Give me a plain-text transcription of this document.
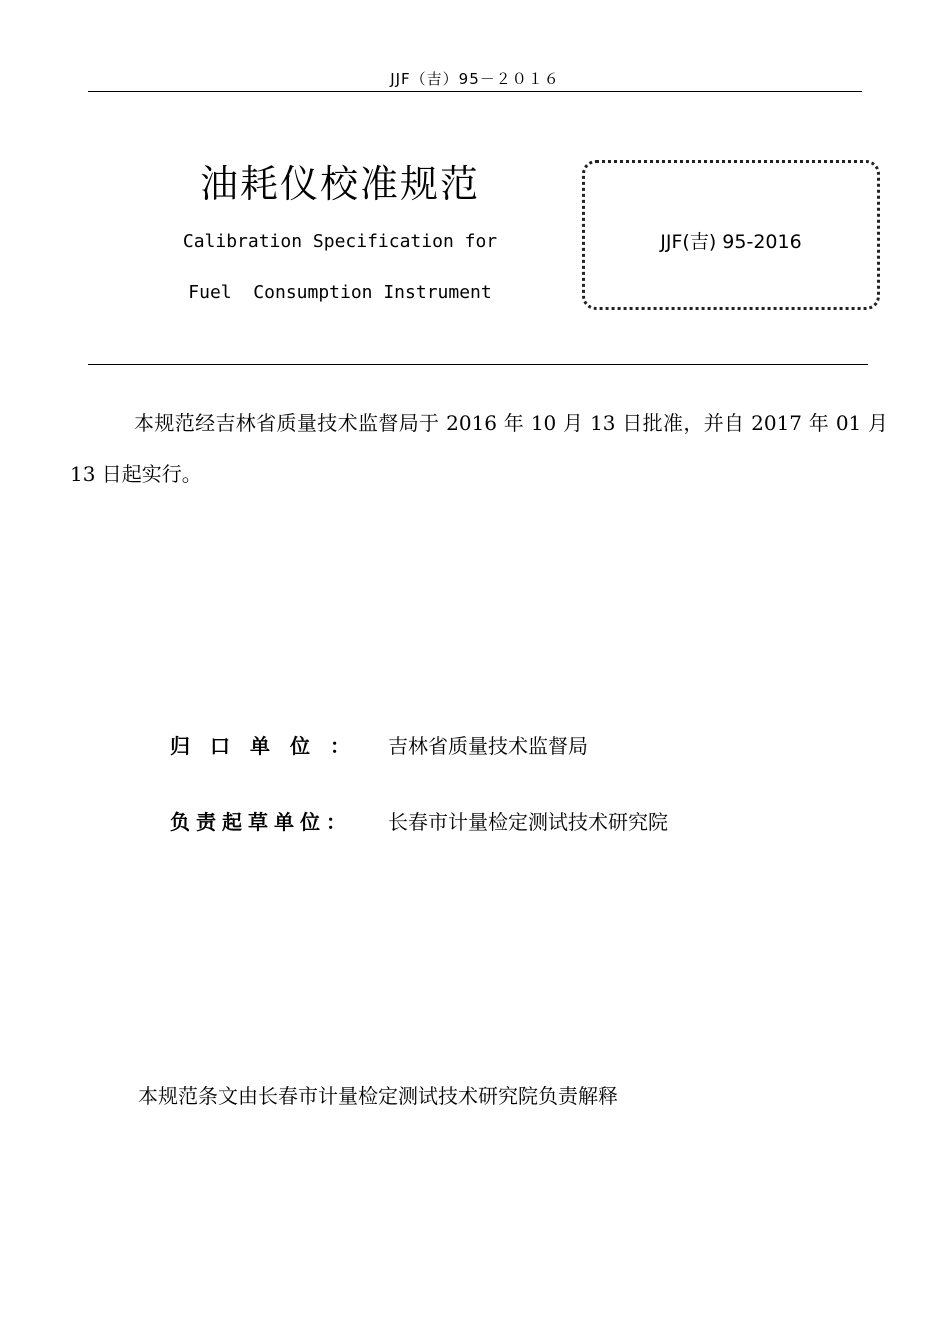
JJF（吉）95－２０１６
油耗仪校准规范
Calibration Specification for
Fuel  Consumption Instrument
JJF(吉) 95-2016
本规范经吉林省质量技术监督局于 2016 年 10 月 13 日批准，并自 2017 年 01 月 13 日起实行。
归口单位： 吉林省质量技术监督局
负责起草单位： 长春市计量检定测试技术研究院
本规范条文由长春市计量检定测试技术研究院负责解释
